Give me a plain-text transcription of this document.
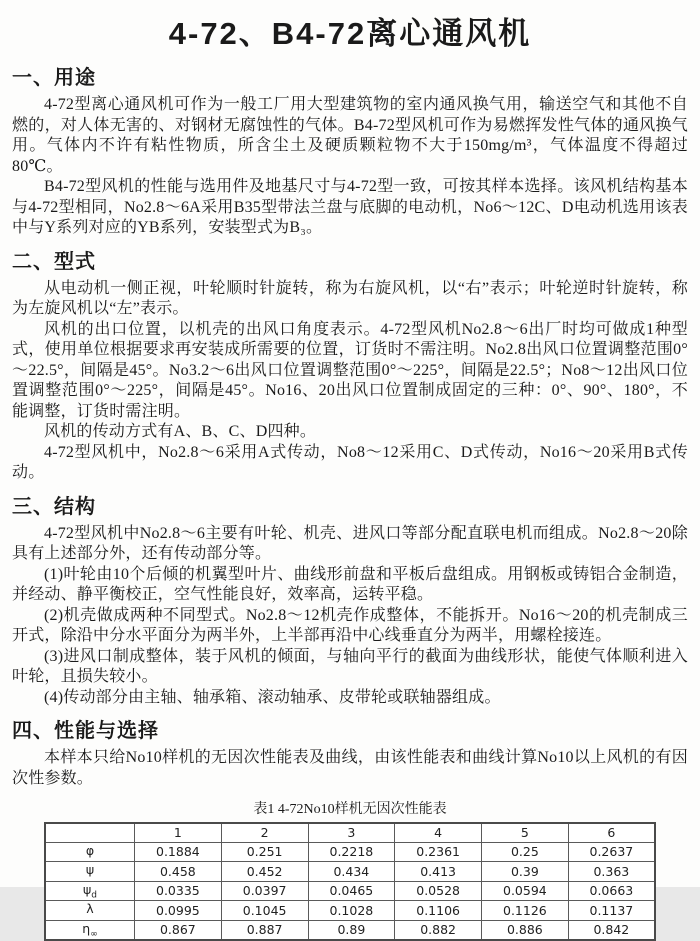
4-72、B4-72离心通风机
一、用途

4-72型离心通风机可作为一般工厂用大型建筑物的室内通风换气用，输送空气和其他不自燃的，对人体无害的、对钢材无腐蚀性的气体。B4-72型风机可作为易燃挥发性气体的通风换气用。气体内不许有粘性物质，所含尘土及硬质颗粒物不大于150mg/m³，气体温度不得超过80℃。

B4-72型风机的性能与选用件及地基尺寸与4-72型一致，可按其样本选择。该风机结构基本与4-72型相同，No2.8～6A采用B35型带法兰盘与底脚的电动机，No6～12C、D电动机选用该表中与Y系列对应的YB系列，安装型式为B₃。

二、型式

从电动机一侧正视，叶轮顺时针旋转，称为右旋风机，以“右”表示；叶轮逆时针旋转，称为左旋风机以“左”表示。

风机的出口位置，以机壳的出风口角度表示。4-72型风机No2.8～6出厂时均可做成1种型式，使用单位根据要求再安装成所需要的位置，订货时不需注明。No2.8出风口位置调整范围0°～22.5°，间隔是45°。No3.2～6出风口位置调整范围0°～225°，间隔是22.5°；No8～12出风口位置调整范围0°～225°，间隔是45°。No16、20出风口位置制成固定的三种：0°、90°、180°，不能调整，订货时需注明。

风机的传动方式有A、B、C、D四种。

4-72型风机中，No2.8～6采用A式传动，No8～12采用C、D式传动，No16～20采用B式传动。

三、结构

4-72型风机中No2.8～6主要有叶轮、机壳、进风口等部分配直联电机而组成。No2.8～20除具有上述部分外，还有传动部分等。

(1)叶轮由10个后倾的机翼型叶片、曲线形前盘和平板后盘组成。用钢板或铸铝合金制造，并经动、静平衡校正，空气性能良好，效率高，运转平稳。

(2)机壳做成两种不同型式。No2.8～12机壳作成整体，不能拆开。No16～20的机壳制成三开式，除沿中分水平面分为两半外，上半部再沿中心线垂直分为两半，用螺栓接连。

(3)进风口制成整体，装于风机的倾面，与轴向平行的截面为曲线形状，能使气体顺利进入叶轮，且损失较小。

(4)传动部分由主轴、轴承箱、滚动轴承、皮带轮或联轴器组成。

四、性能与选择

本样本只给No10样机的无因次性能表及曲线，由该性能表和曲线计算No10以上风机的有因次性参数。

表1 4-72No10样机无因次性能表
	1	2	3	4	5	6
φ	0.1884	0.251	0.2218	0.2361	0.25	0.2637
ψ	0.458	0.452	0.434	0.413	0.39	0.363
$\psi_d$	0.0335	0.0397	0.0465	0.0528	0.0594	0.0663
λ	0.0995	0.1045	0.1028	0.1106	0.1126	0.1137
$\eta_\infty$	0.867	0.887	0.89	0.882	0.886	0.842
